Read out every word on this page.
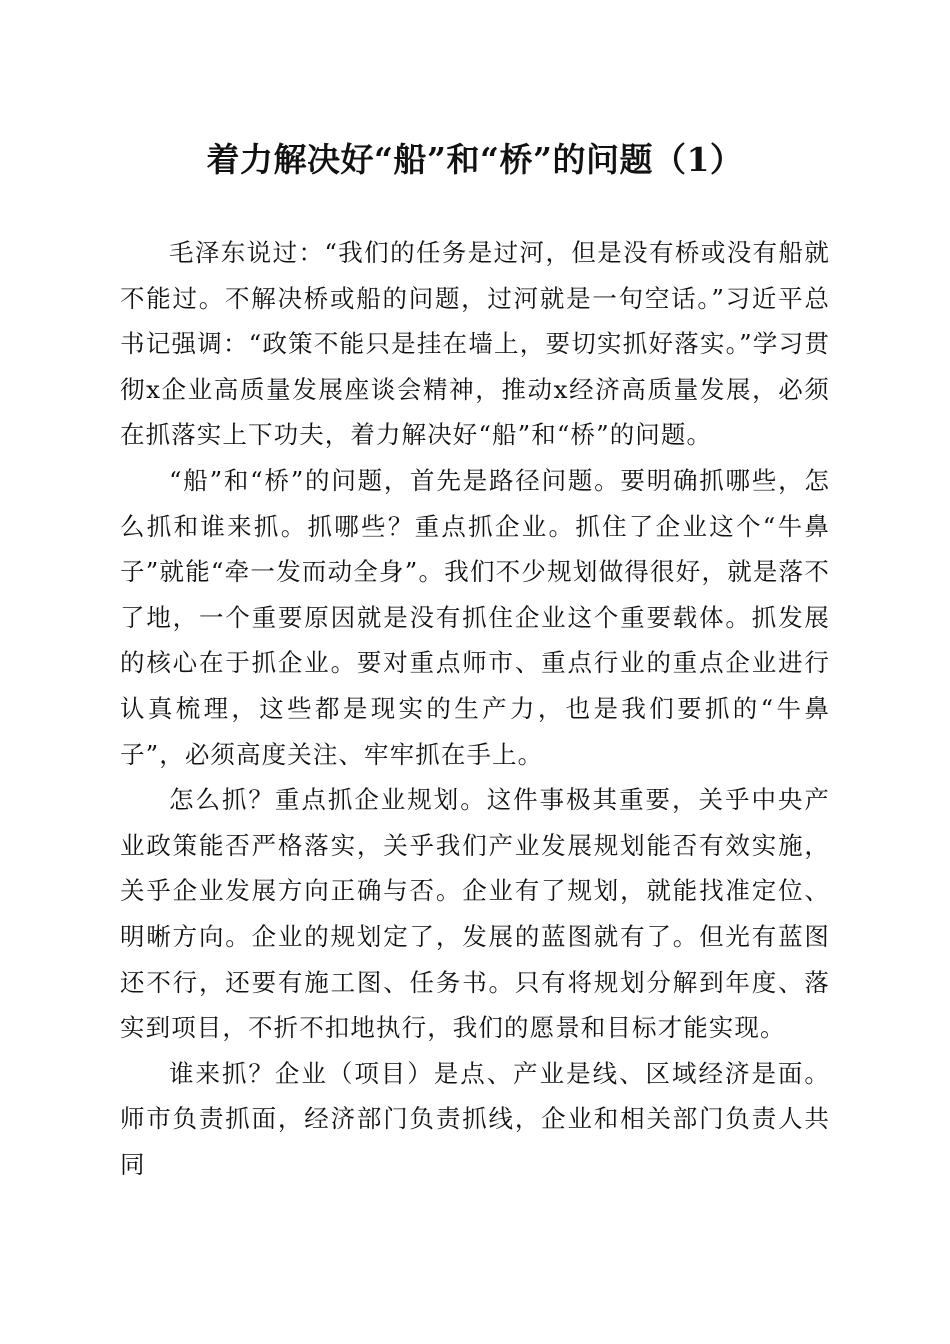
着力解决好“船”和“桥”的问题（1）

毛泽东说过：“我们的任务是过河，但是没有桥或没有船就不能过。不解决桥或船的问题，过河就是一句空话。”习近平总书记强调：“政策不能只是挂在墙上，要切实抓好落实。”学习贯彻x企业高质量发展座谈会精神，推动x经济高质量发展，必须在抓落实上下功夫，着力解决好“船”和“桥”的问题。

“船”和“桥”的问题，首先是路径问题。要明确抓哪些，怎么抓和谁来抓。抓哪些？重点抓企业。抓住了企业这个“牛鼻子”就能“牵一发而动全身”。我们不少规划做得很好，就是落不了地，一个重要原因就是没有抓住企业这个重要载体。抓发展的核心在于抓企业。要对重点师市、重点行业的重点企业进行认真梳理，这些都是现实的生产力，也是我们要抓的“牛鼻子”，必须高度关注、牢牢抓在手上。

怎么抓？重点抓企业规划。这件事极其重要，关乎中央产业政策能否严格落实，关乎我们产业发展规划能否有效实施，关乎企业发展方向正确与否。企业有了规划，就能找准定位、明晰方向。企业的规划定了，发展的蓝图就有了。但光有蓝图还不行，还要有施工图、任务书。只有将规划分解到年度、落实到项目，不折不扣地执行，我们的愿景和目标才能实现。

谁来抓？企业（项目）是点、产业是线、区域经济是面。师市负责抓面，经济部门负责抓线，企业和相关部门负责人共同
